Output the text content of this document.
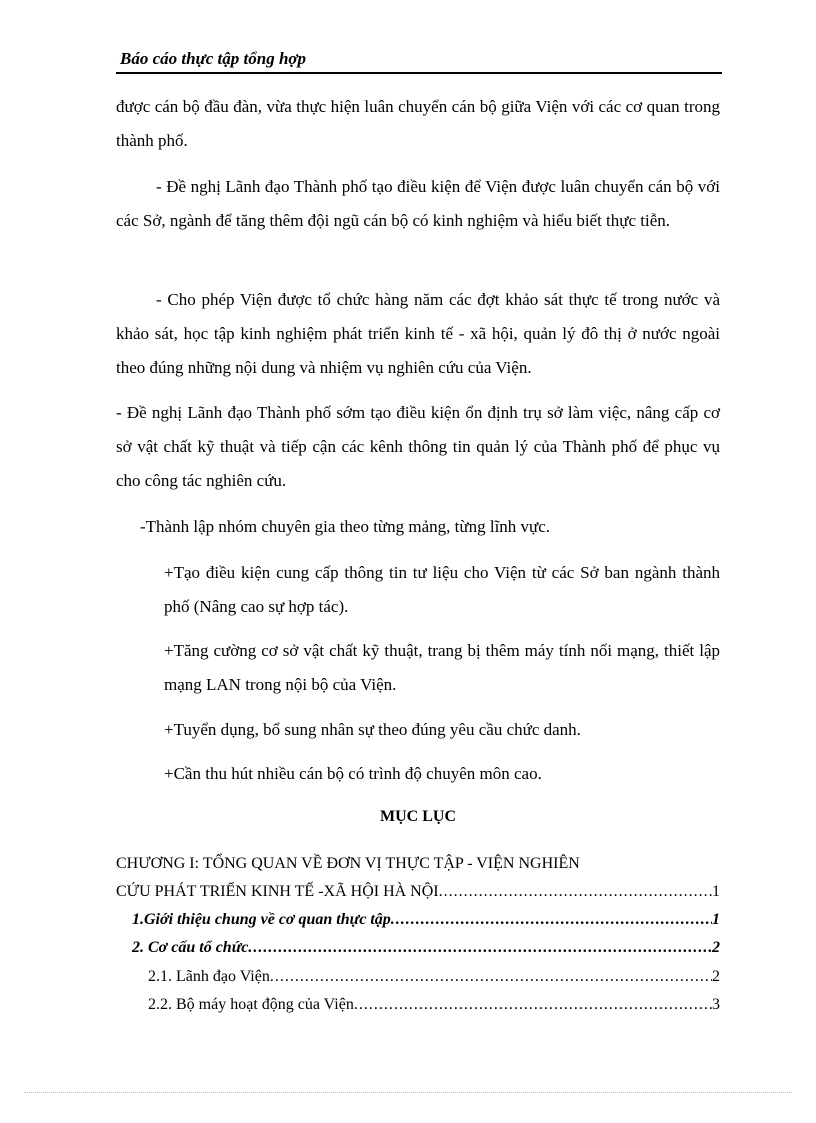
Báo cáo thực tập tổng hợp

được cán bộ đầu đàn, vừa thực hiện luân chuyển cán bộ giữa Viện với các cơ quan trong thành phố.

- Đề nghị Lãnh đạo Thành phố tạo điều kiện để Viện được luân chuyển cán bộ với các Sở, ngành để tăng thêm đội ngũ cán bộ có kinh nghiệm và hiểu biết thực tiễn.

- Cho phép Viện được tổ chức hàng năm các đợt khảo sát thực tế trong nước và khảo sát, học tập kinh nghiệm phát triển kinh tế - xã hội, quản lý đô thị ở nước ngoài theo đúng những nội dung và nhiệm vụ nghiên cứu của Viện.

- Đề nghị Lãnh đạo Thành phố sớm tạo điều kiện ổn định trụ sở làm việc, nâng cấp cơ sở vật chất kỹ thuật và tiếp cận các kênh thông tin quản lý của Thành phố để phục vụ cho công tác nghiên cứu.

-Thành lập nhóm chuyên gia theo từng mảng, từng lĩnh vực.

+Tạo điều kiện cung cấp thông tin tư liệu cho Viện từ các Sở ban ngành thành phố (Nâng cao sự hợp tác).

+Tăng cường cơ sở vật chất kỹ thuật, trang bị thêm máy tính nối mạng, thiết lập mạng LAN trong nội bộ của Viện.

+Tuyển dụng, bổ sung nhân sự theo đúng yêu cầu chức danh.

+Cần thu hút nhiều cán bộ có trình độ chuyên môn cao.

MỤC LỤC

CHƯƠNG I: TỔNG QUAN VỀ ĐƠN VỊ THỰC TẬP - VIỆN NGHIÊN
CỨU PHÁT TRIỂN KINH TẾ -XÃ HỘI HÀ NỘI .....	1
1.Giới thiệu chung về cơ quan thực tập .....	1
2. Cơ cấu tổ chức .....	2
2.1. Lãnh đạo Viện .....	2
2.2. Bộ máy hoạt động của Viện .....	3
